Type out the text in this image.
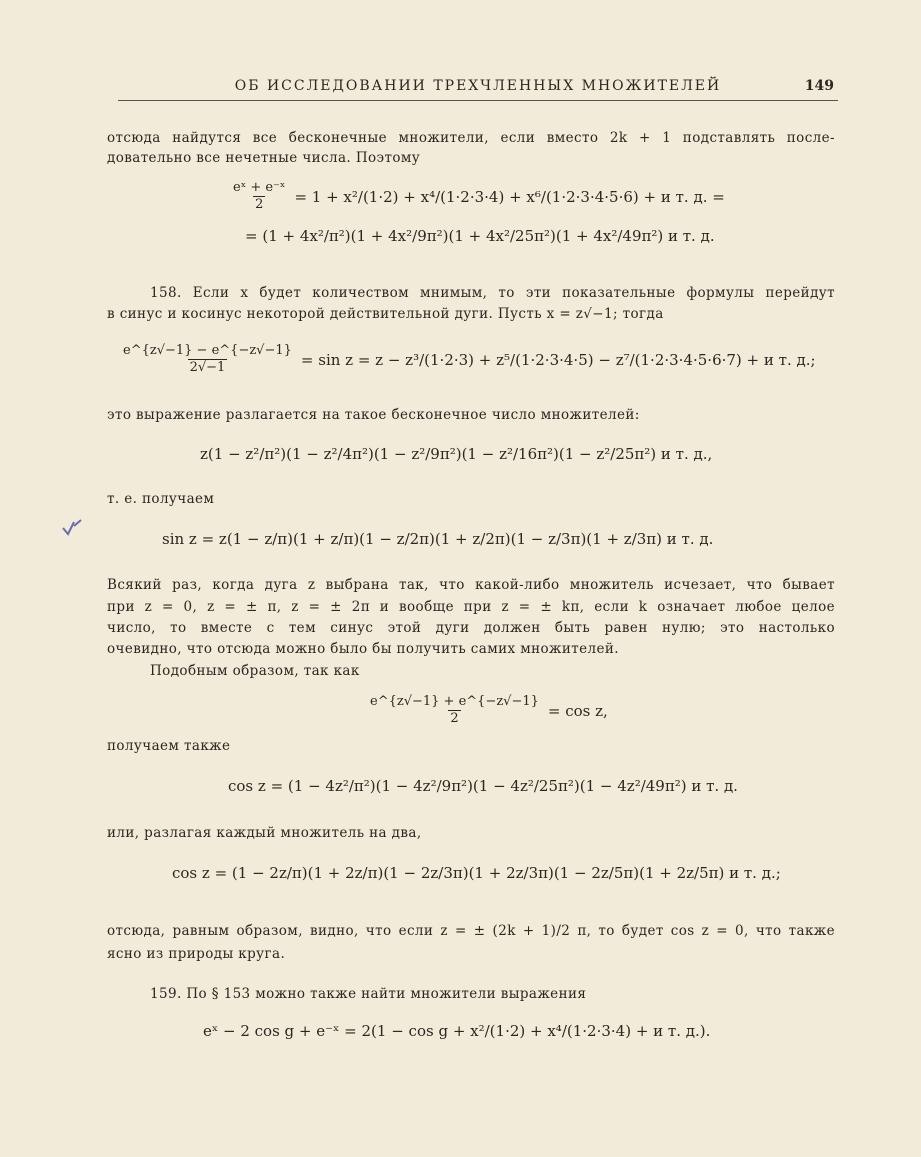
ОБ ИССЛЕДОВАНИИ ТРЕХЧЛЕННЫХ МНОЖИТЕЛЕЙ	149
отсюда найдутся все бесконечные множители, если вместо 2k + 1 подставлять после-
довательно все нечетные числа. Поэтому
$\frac{\text{eˣ + e⁻ˣ}}{2} = 1 + x^2/(1\cdot 2) + x^4/(1\cdot 2\cdot 3\cdot 4) + x^6/(1\cdot 2\cdot 3\cdot 4\cdot 5\cdot 6) + и$ т. д. =
= (1 + 4x²/π²)(1 + 4x²/9π²)(1 + 4x²/25π²)(1 + 4x²/49π²) и т. д.
158. Если x будет количеством мнимым, то эти показательные формулы перейдут
в синус и косинус некоторой действительной дуги. Пусть x = z√−1; тогда
$\frac{e\^{}\{z√-1\} - e\^{}\{-z√-1\}}{2√-1} = \sin z = z - z^3/(1\cdot 2\cdot 3) + z^5/(1\cdot 2\cdot 3\cdot 4\cdot 5) - z^7/(1\cdot 2\cdot 3\cdot 4\cdot 5\cdot 6\cdot 7) + и$ т. д.;
это выражение разлагается на такое бесконечное число множителей:
z(1 − z²/π²)(1 − z²/4π²)(1 − z²/9π²)(1 − z²/16π²)(1 − z²/25π²) и т. д.,
т. е. получаем
sin z = z(1 − z/π)(1 + z/π)(1 − z/2π)(1 + z/2π)(1 − z/3π)(1 + z/3π) и т. д.
Всякий раз, когда дуга z выбрана так, что какой-либо множитель исчезает, что бывает
при z = 0, z = ± π, z = ± 2π и вообще при z = ± kπ, если k означает любое целое
число, то вместе с тем синус этой дуги должен быть равен нулю; это настолько
очевидно, что отсюда можно было бы получить самих множителей.
Подобным образом, так как
$\frac{e\^{}\{z√-1\} + e\^{}\{-z√-1\}}{2} = \cos z$,
получаем также
cos z = (1 − 4z²/π²)(1 − 4z²/9π²)(1 − 4z²/25π²)(1 − 4z²/49π²) и т. д.
или, разлагая каждый множитель на два,
cos z = (1 − 2z/π)(1 + 2z/π)(1 − 2z/3π)(1 + 2z/3π)(1 − 2z/5π)(1 + 2z/5π) и т. д.;
отсюда, равным образом, видно, что если z = ± (2k + 1)/2 π, то будет cos z = 0, что также
ясно из природы круга.
159. По § 153 можно также найти множители выражения
eˣ − 2 cos g + e⁻ˣ = 2(1 − cos g + x²/(1·2) + x⁴/(1·2·3·4) + и т. д.).
